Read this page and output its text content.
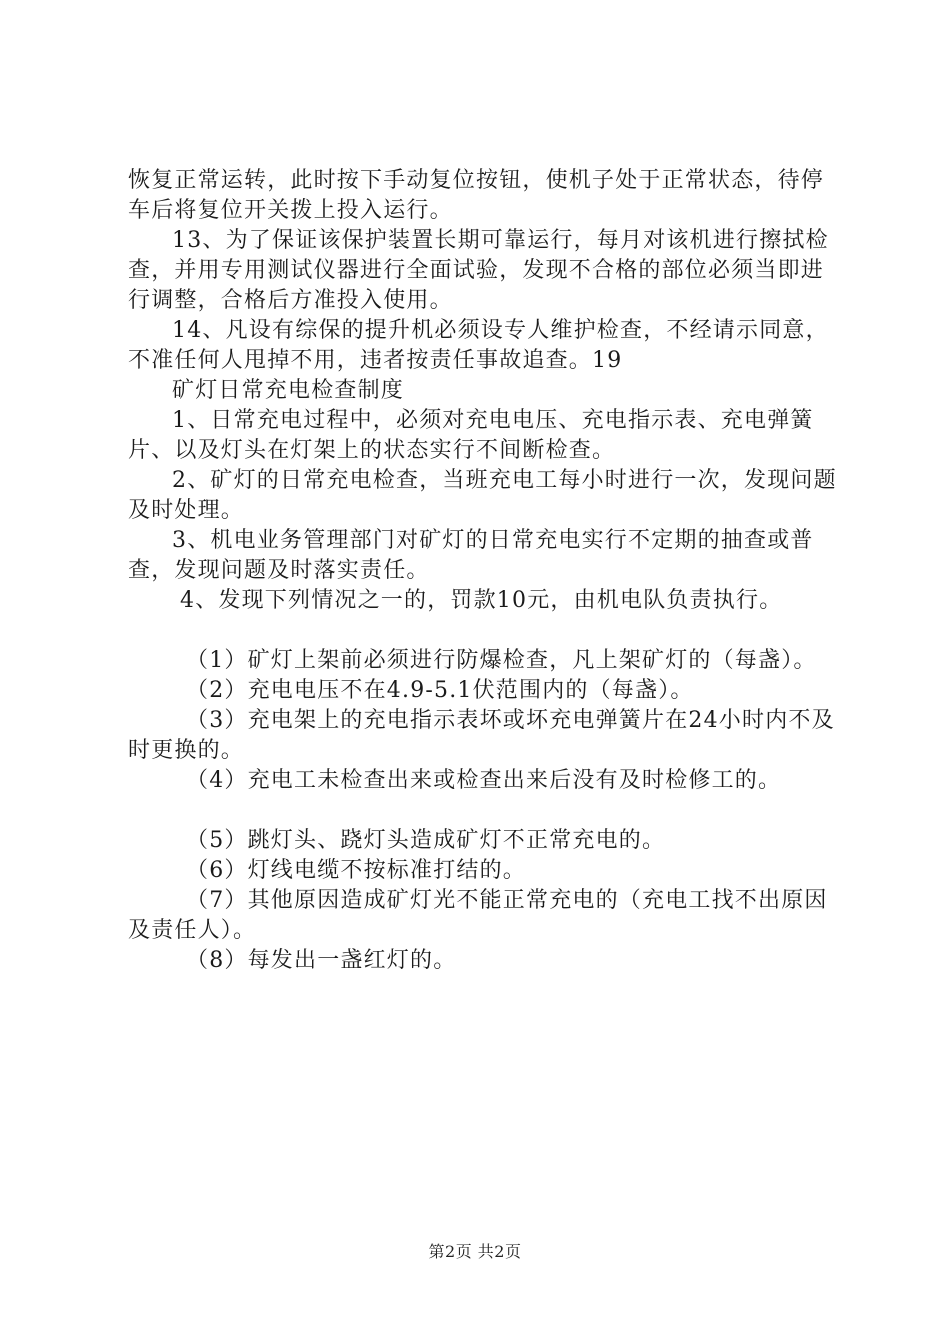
恢复正常运转，此时按下手动复位按钮，使机子处于正常状态，待停车后将复位开关拨上投入运行。

13、为了保证该保护装置长期可靠运行，每月对该机进行擦拭检查，并用专用测试仪器进行全面试验，发现不合格的部位必须当即进行调整，合格后方准投入使用。

14、凡设有综保的提升机必须设专人维护检查，不经请示同意，不准任何人甩掉不用，违者按责任事故追查。19

矿灯日常充电检查制度

1、日常充电过程中，必须对充电电压、充电指示表、充电弹簧片、以及灯头在灯架上的状态实行不间断检查。

2、矿灯的日常充电检查，当班充电工每小时进行一次，发现问题及时处理。

3、机电业务管理部门对矿灯的日常充电实行不定期的抽查或普查，发现问题及时落实责任。

4、发现下列情况之一的，罚款10元，由机电队负责执行。

（1）矿灯上架前必须进行防爆检查，凡上架矿灯的（每盏）。

（2）充电电压不在4.9-5.1伏范围内的（每盏）。

（3）充电架上的充电指示表坏或坏充电弹簧片在24小时内不及时更换的。

（4）充电工未检查出来或检查出来后没有及时检修工的。

（5）跳灯头、跷灯头造成矿灯不正常充电的。

（6）灯线电缆不按标准打结的。

（7）其他原因造成矿灯光不能正常充电的（充电工找不出原因及责任人）。

（8）每发出一盏红灯的。

第2页 共2页
